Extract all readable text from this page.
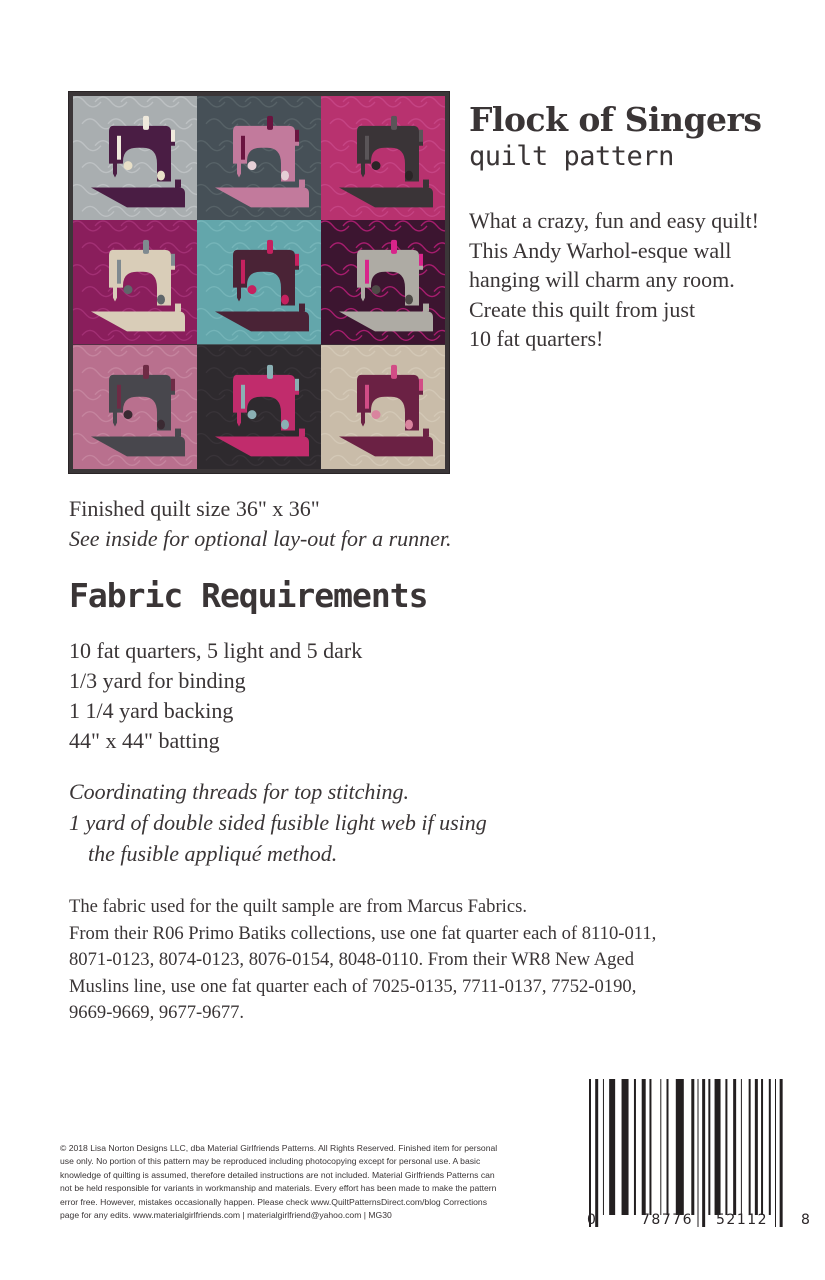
Flock of Singers
quilt pattern
What a crazy, fun and easy quilt!
This Andy Warhol-esque wall
hanging will charm any room.
Create this quilt from just
10 fat quarters!
Finished quilt size 36" x 36"
See inside for optional lay-out for a runner.
Fabric Requirements
10 fat quarters, 5 light and 5 dark
1/3 yard for binding
1 1/4 yard backing
44" x 44" batting
Coordinating threads for top stitching.
1 yard of double sided fusible light web if using
the fusible appliqué method.
The fabric used for the quilt sample are from Marcus Fabrics.
From their R06 Primo Batiks collections, use one fat quarter each of 8110-011,
8071-0123, 8074-0123, 8076-0154, 8048-0110. From their WR8 New Aged
Muslins line, use one fat quarter each of 7025-0135, 7711-0137, 7752-0190,
9669-9669, 9677-9677.
© 2018 Lisa Norton Designs LLC, dba Material Girlfriends Patterns. All Rights Reserved. Finished item for personal
use only. No portion of this pattern may be reproduced including photocopying except for personal use. A basic
knowledge of quilting is assumed, therefore detailed instructions are not included. Material Girlfriends Patterns can
not be held responsible for variants in workmanship and materials. Every effort has been made to make the pattern
error free. However, mistakes occasionally happen. Please check www.QuiltPatternsDirect.com/blog Corrections
page for any edits. www.materialgirlfriends.com | materialgirlfriend@yahoo.com | MG30	0	78776 52112 8
